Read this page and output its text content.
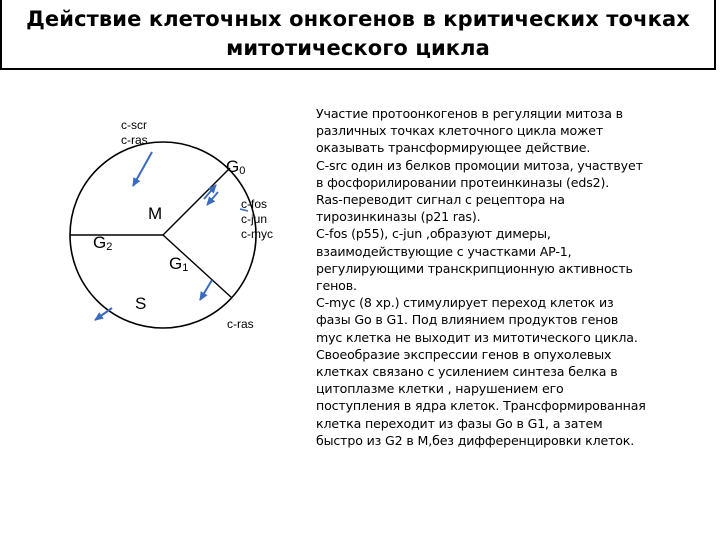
Действие клеточных онкогенов в критических точках
митотического цикла
c-scr
c-ras
$G_0$
c-fos
c-jun
c-myc
M
$G_2$
$G_1$
S
c-ras
Участие протоонкогенов в регуляции митоза в
различных точках клеточного цикла может
оказывать трансформирующее действие.
C-src один из белков промоции митоза, участвует
в фосфорилировании протеинкиназы (eds2).
Ras-переводит сигнал с рецептора на
тирозинкиназы (p21 ras).
C-fos (p55), c-jun ,образуют димеры,
взаимодействующие с участками AP-1,
регулирующими транскрипционную активность
генов.
C-myc (8 хр.) стимулирует переход клеток из
фазы Go в G1. Под влиянием продуктов генов
myc клетка не выходит из митотического цикла.
Своеобразие экспрессии генов в опухолевых
клетках связано с усилением синтеза белка в
цитоплазме клетки , нарушением его
поступления в ядра клеток. Трансформированная
клетка переходит из фазы Go в G1, а затем
быстро из G2 в M,без дифференцировки клеток.
